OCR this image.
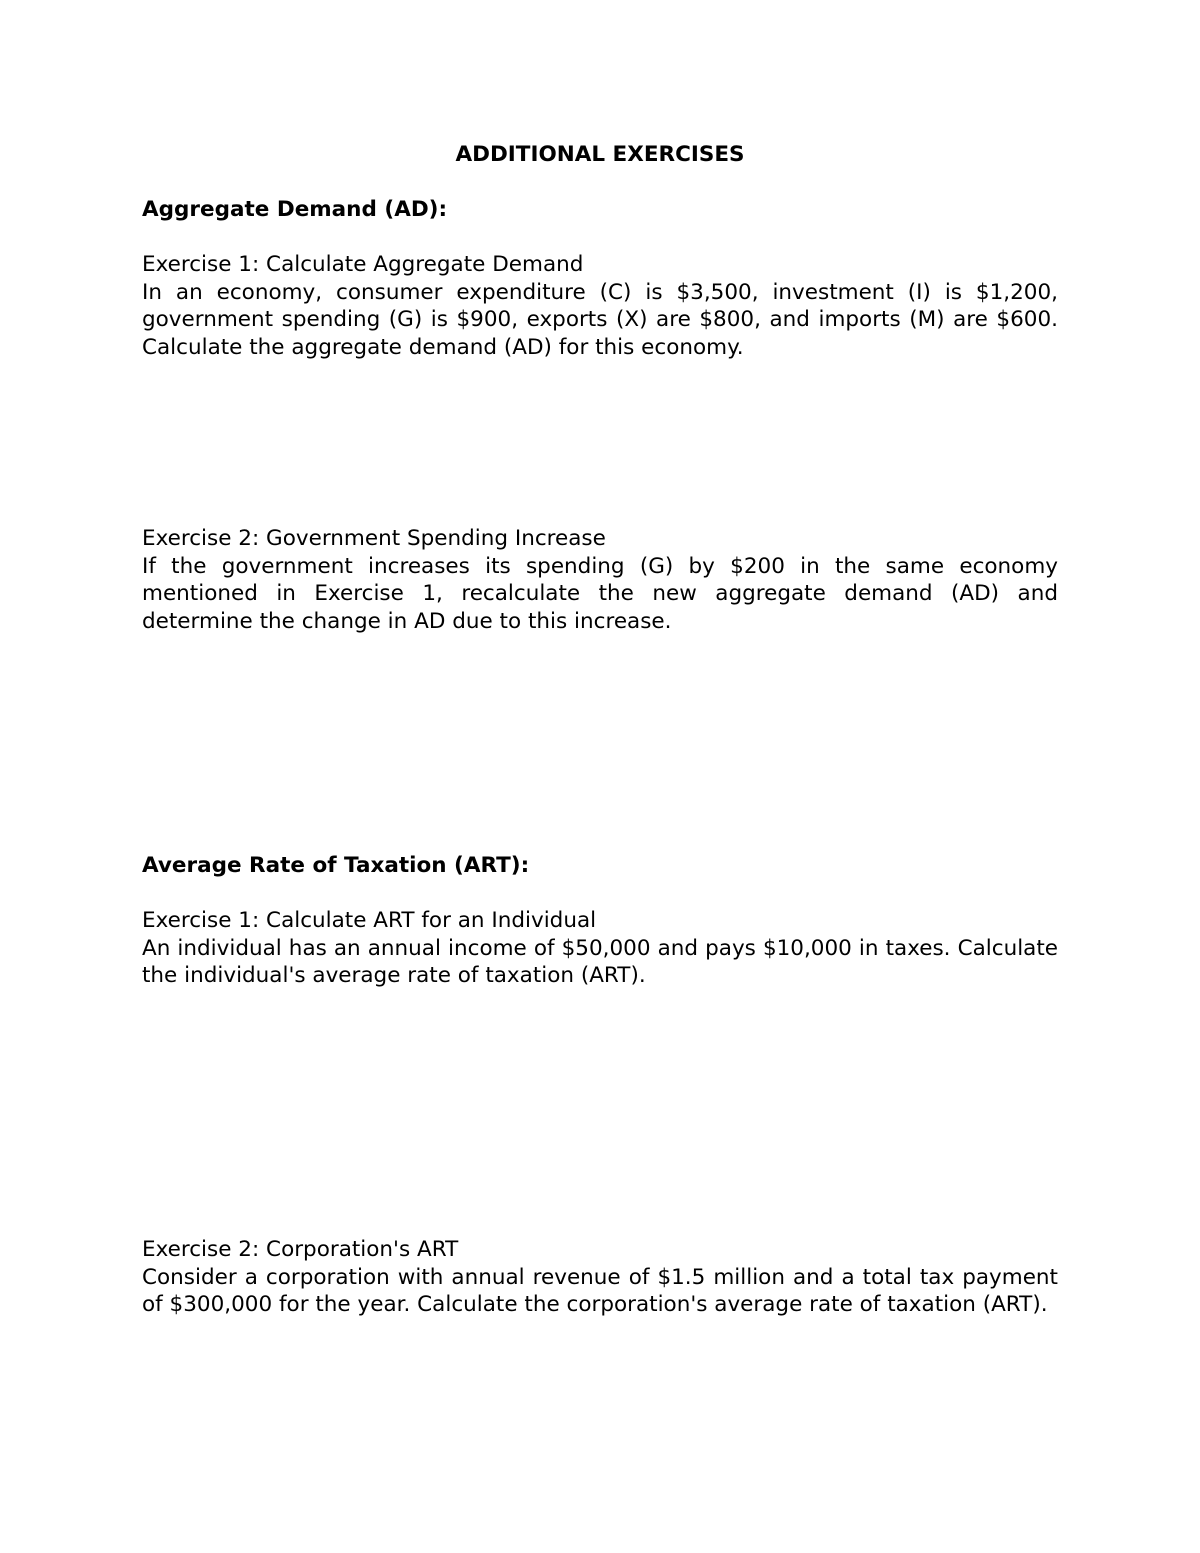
ADDITIONAL EXERCISES
Aggregate Demand (AD):
Exercise 1: Calculate Aggregate Demand
In an economy, consumer expenditure (C) is $3,500, investment (I) is $1,200, government spending (G) is $900, exports (X) are $800, and imports (M) are $600. Calculate the aggregate demand (AD) for this economy.
Exercise 2: Government Spending Increase
If the government increases its spending (G) by $200 in the same economy mentioned in Exercise 1, recalculate the new aggregate demand (AD) and determine the change in AD due to this increase.
Average Rate of Taxation (ART):
Exercise 1: Calculate ART for an Individual
An individual has an annual income of $50,000 and pays $10,000 in taxes. Calculate the individual's average rate of taxation (ART).
Exercise 2: Corporation's ART
Consider a corporation with annual revenue of $1.5 million and a total tax payment of $300,000 for the year. Calculate the corporation's average rate of taxation (ART).
